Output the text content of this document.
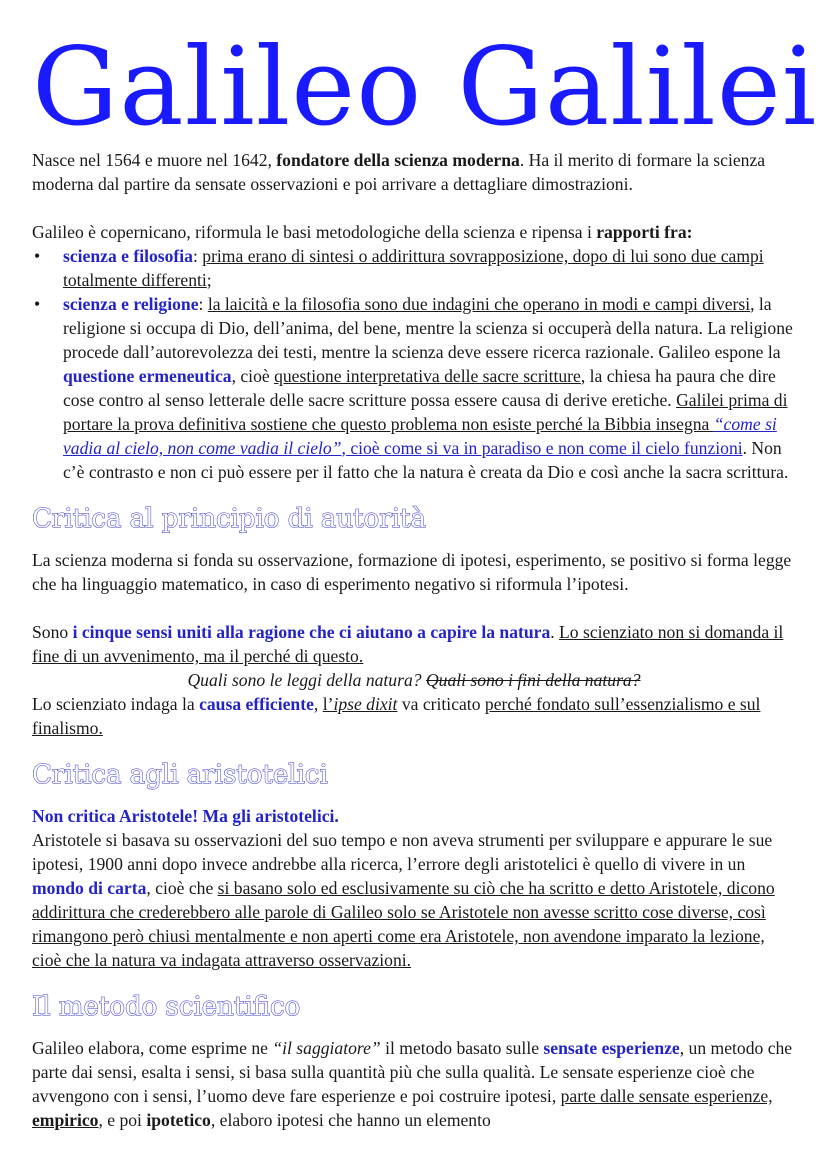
Galileo Galilei

Nasce nel 1564 e muore nel 1642, fondatore della scienza moderna. Ha il merito di formare la scienza moderna dal partire da sensate osservazioni e poi arrivare a dettagliare dimostrazioni.

Galileo è copernicano, riformula le basi metodologiche della scienza e ripensa i rapporti fra:

• scienza e filosofia: prima erano di sintesi o addirittura sovrapposizione, dopo di lui sono due campi totalmente differenti;
• scienza e religione: la laicità e la filosofia sono due indagini che operano in modi e campi diversi, la religione si occupa di Dio, dell’anima, del bene, mentre la scienza si occuperà della natura. La religione procede dall’autorevolezza dei testi, mentre la scienza deve essere ricerca razionale. Galileo espone la questione ermeneutica, cioè questione interpretativa delle sacre scritture, la chiesa ha paura che dire cose contro al senso letterale delle sacre scritture possa essere causa di derive eretiche. Galilei prima di portare la prova definitiva sostiene che questo problema non esiste perché la Bibbia insegna “come si vadia al cielo, non come vadia il cielo”, cioè come si va in paradiso e non come il cielo funzioni. Non c’è contrasto e non ci può essere per il fatto che la natura è creata da Dio e così anche la sacra scrittura.
Critica al principio di autorità

La scienza moderna si fonda su osservazione, formazione di ipotesi, esperimento, se positivo si forma legge che ha linguaggio matematico, in caso di esperimento negativo si riformula l’ipotesi.

Sono i cinque sensi uniti alla ragione che ci aiutano a capire la natura. Lo scienziato non si domanda il fine di un avvenimento, ma il perché di questo.

Quali sono le leggi della natura? Quali sono i fini della natura?

Lo scienziato indaga la causa efficiente, l’ipse dixit va criticato perché fondato sull’essenzialismo e sul finalismo.

Critica agli aristotelici

Non critica Aristotele! Ma gli aristotelici.

Aristotele si basava su osservazioni del suo tempo e non aveva strumenti per sviluppare e appurare le sue ipotesi, 1900 anni dopo invece andrebbe alla ricerca, l’errore degli aristotelici è quello di vivere in un mondo di carta, cioè che si basano solo ed esclusivamente su ciò che ha scritto e detto Aristotele, dicono addirittura che crederebbero alle parole di Galileo solo se Aristotele non avesse scritto cose diverse, così rimangono però chiusi mentalmente e non aperti come era Aristotele, non avendone imparato la lezione, cioè che la natura va indagata attraverso osservazioni.

Il metodo scientifico

Galileo elabora, come esprime ne “il saggiatore” il metodo basato sulle sensate esperienze, un metodo che parte dai sensi, esalta i sensi, si basa sulla quantità più che sulla qualità. Le sensate esperienze cioè che avvengono con i sensi, l’uomo deve fare esperienze e poi costruire ipotesi, parte dalle sensate esperienze, empirico, e poi ipotetico, elaboro ipotesi che hanno un elemento
